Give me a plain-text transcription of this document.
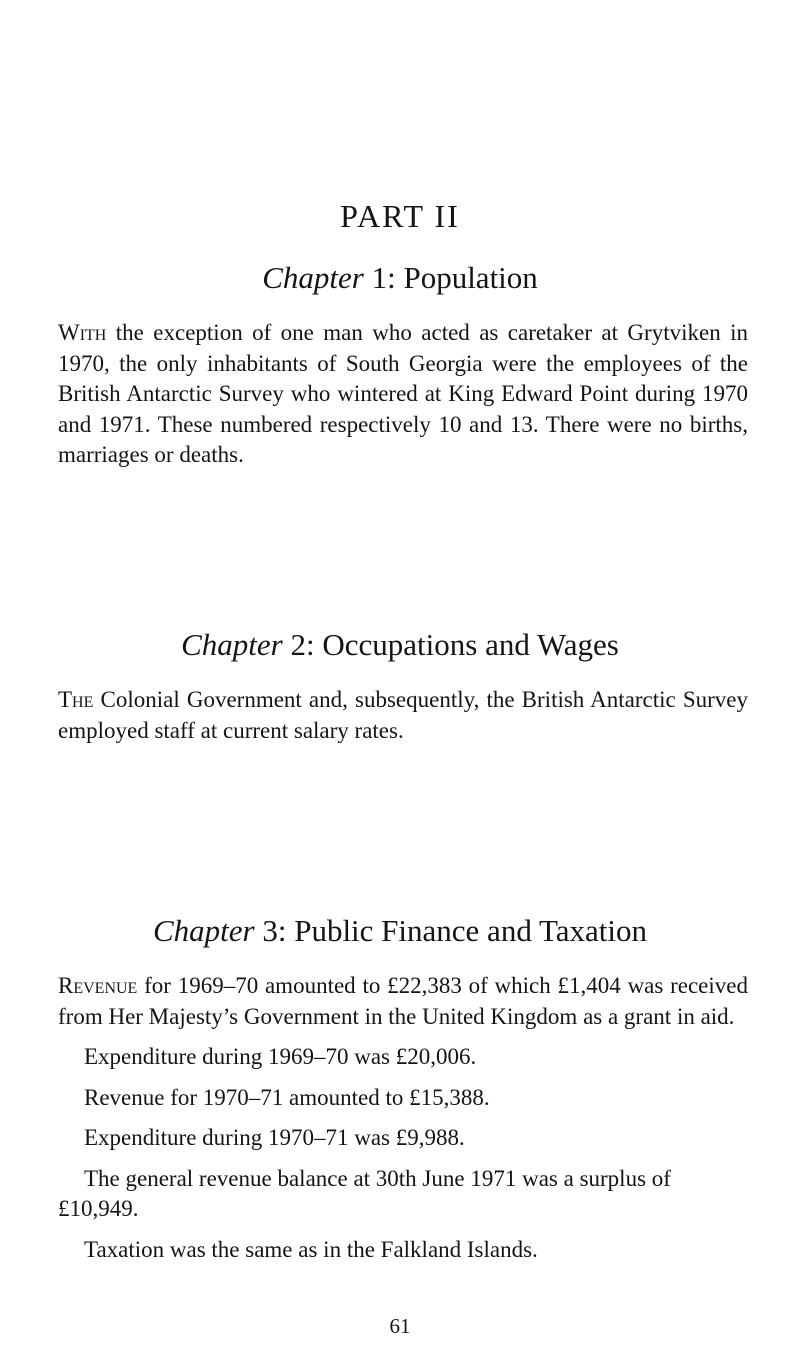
PART II
Chapter 1: Population

With the exception of one man who acted as caretaker at Grytviken in 1970, the only inhabitants of South Georgia were the employees of the British Antarctic Survey who wintered at King Edward Point during 1970 and 1971. These numbered respectively 10 and 13. There were no births, marriages or deaths.

Chapter 2: Occupations and Wages

The Colonial Government and, subsequently, the British Antarctic Survey employed staff at current salary rates.

Chapter 3: Public Finance and Taxation

Revenue for 1969–70 amounted to £22,383 of which £1,404 was received from Her Majesty’s Government in the United Kingdom as a grant in aid.

Expenditure during 1969–70 was £20,006.

Revenue for 1970–71 amounted to £15,388.

Expenditure during 1970–71 was £9,988.

The general revenue balance at 30th June 1971 was a surplus of £10,949.

Taxation was the same as in the Falkland Islands.

61
